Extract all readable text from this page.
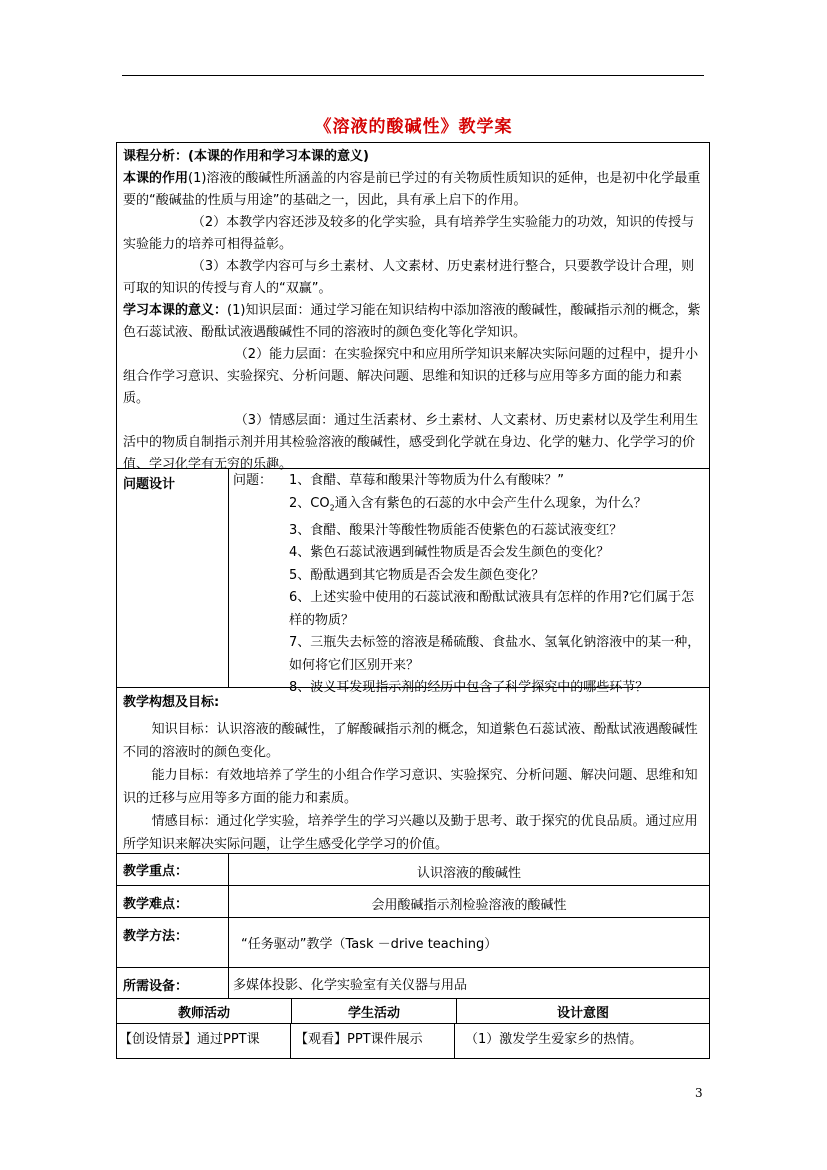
《溶液的酸碱性》教学案

课程分析：(本课的作用和学习本课的意义)

本课的作用(1)溶液的酸碱性所涵盖的内容是前已学过的有关物质性质知识的延伸，也是初中化学最重要的“酸碱盐的性质与用途”的基础之一，因此，具有承上启下的作用。

（2）本教学内容还涉及较多的化学实验，具有培养学生实验能力的功效，知识的传授与实验能力的培养可相得益彰。

（3）本教学内容可与乡土素材、人文素材、历史素材进行整合，只要教学设计合理，则可取的知识的传授与育人的“双赢”。

学习本课的意义：(1)知识层面：通过学习能在知识结构中添加溶液的酸碱性，酸碱指示剂的概念，紫色石蕊试液、酚酞试液遇酸碱性不同的溶液时的颜色变化等化学知识。

（2）能力层面：在实验探究中和应用所学知识来解决实际问题的过程中，提升小组合作学习意识、实验探究、分析问题、解决问题、思维和知识的迁移与应用等多方面的能力和素质。

（3）情感层面：通过生活素材、乡土素材、人文素材、历史素材以及学生利用生活中的物质自制指示剂并用其检验溶液的酸碱性，感受到化学就在身边、化学的魅力、化学学习的价值、学习化学有无穷的乐趣。

问题设计	问题：	1、食醋、草莓和酸果汁等物质为什么有酸味？”
2、$CO_2$通入含有紫色的石蕊的水中会产生什么现象，为什么？
3、食醋、酸果汁等酸性物质能否使紫色的石蕊试液变红？
4、紫色石蕊试液遇到碱性物质是否会发生颜色的变化？
5、酚酞遇到其它物质是否会发生颜色变化？
6、上述实验中使用的石蕊试液和酚酞试液具有怎样的作用?它们属于怎样的物质？
7、三瓶失去标签的溶液是稀硫酸、食盐水、氢氧化钠溶液中的某一种，如何将它们区别开来？
8、波义耳发现指示剂的经历中包含了科学探究中的哪些环节？

教学构想及目标:

知识目标：认识溶液的酸碱性，了解酸碱指示剂的概念，知道紫色石蕊试液、酚酞试液遇酸碱性不同的溶液时的颜色变化。

能力目标：有效地培养了学生的小组合作学习意识、实验探究、分析问题、解决问题、思维和知识的迁移与应用等多方面的能力和素质。

情感目标：通过化学实验，培养学生的学习兴趣以及勤于思考、敢于探究的优良品质。通过应用所学知识来解决实际问题，让学生感受化学学习的价值。

教学重点：	认识溶液的酸碱性
教学难点：	会用酸碱指示剂检验溶液的酸碱性
教学方法：
“任务驱动”教学（Task －drive teaching）
所需设备：	多媒体投影、化学实验室有关仪器与用品
教师活动	学生活动	设计意图
【创设情景】通过PPT课	【观看】PPT课件展示	（1）激发学生爱家乡的热情。
3
